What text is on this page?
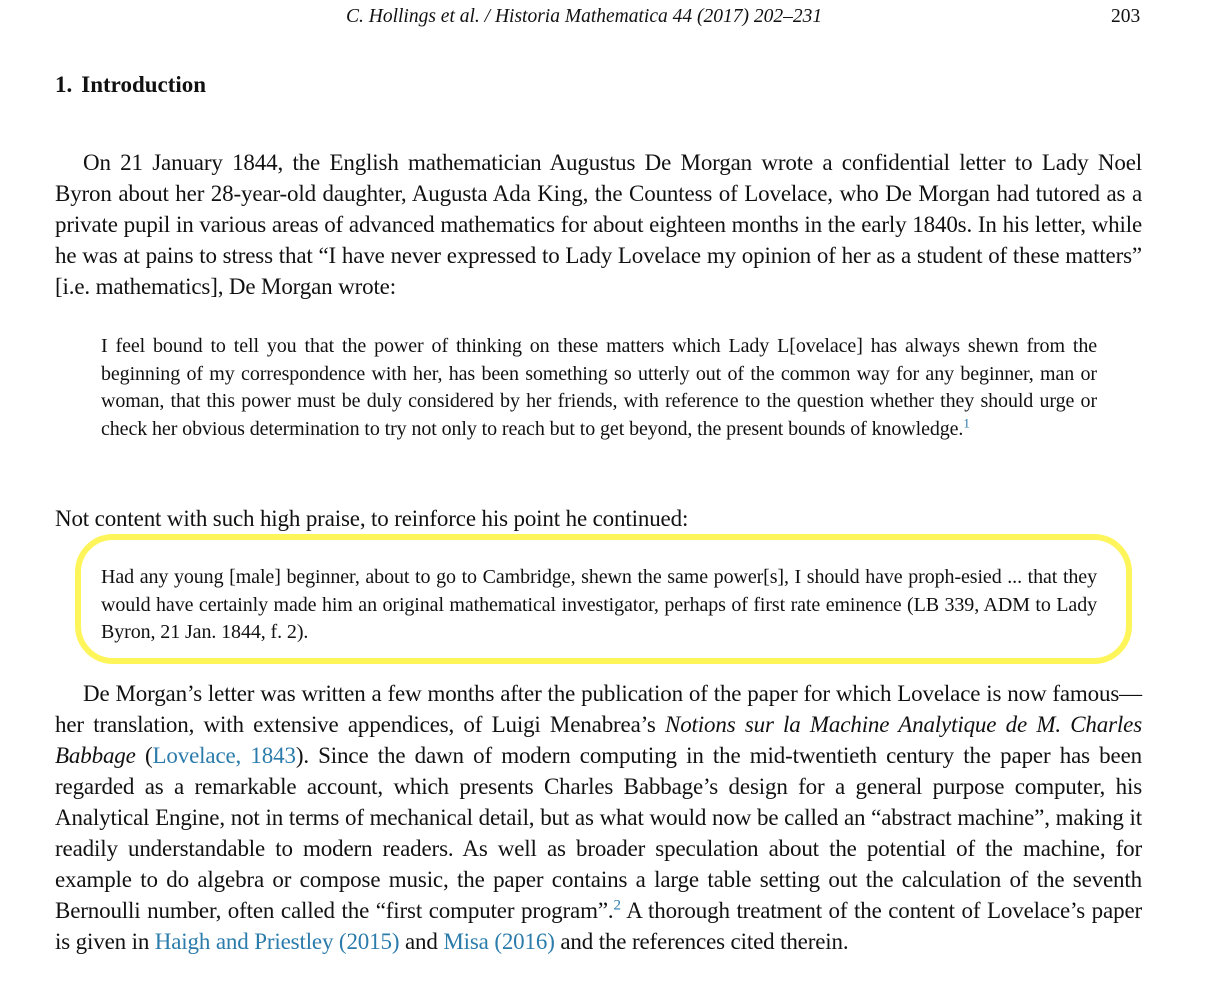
C. Hollings et al. / Historia Mathematica 44 (2017) 202–231	203
1. Introduction

On 21 January 1844, the English mathematician Augustus De Morgan wrote a confidential letter to Lady Noel Byron about her 28-year-old daughter, Augusta Ada King, the Countess of Lovelace, who De Morgan had tutored as a private pupil in various areas of advanced mathematics for about eighteen months in the early 1840s. In his letter, while he was at pains to stress that “I have never expressed to Lady Lovelace my opinion of her as a student of these matters” [i.e. mathematics], De Morgan wrote:

I feel bound to tell you that the power of thinking on these matters which Lady L[ovelace] has always shewn from the beginning of my correspondence with her, has been something so utterly out of the common way for any beginner, man or woman, that this power must be duly considered by her friends, with reference to the question whether they should urge or check her obvious determination to try not only to reach but to get beyond, the present bounds of knowledge.$^1$

Not content with such high praise, to reinforce his point he continued:

Had any young [male] beginner, about to go to Cambridge, shewn the same power[s], I should have proph-esied ... that they would have certainly made him an original mathematical investigator, perhaps of first rate eminence (LB 339, ADM to Lady Byron, 21 Jan. 1844, f. 2).

De Morgan’s letter was written a few months after the publication of the paper for which Lovelace is now famous—her translation, with extensive appendices, of Luigi Menabrea’s Notions sur la Machine Analytique de M. Charles Babbage (Lovelace, 1843). Since the dawn of modern computing in the mid-twentieth century the paper has been regarded as a remarkable account, which presents Charles Babbage’s design for a general purpose computer, his Analytical Engine, not in terms of mechanical detail, but as what would now be called an “abstract machine”, making it readily understandable to modern readers. As well as broader speculation about the potential of the machine, for example to do algebra or compose music, the paper contains a large table setting out the calculation of the seventh Bernoulli number, often called the “first computer program”.$^2$ A thorough treatment of the content of Lovelace’s paper is given in Haigh and Priestley (2015) and Misa (2016) and the references cited therein.
